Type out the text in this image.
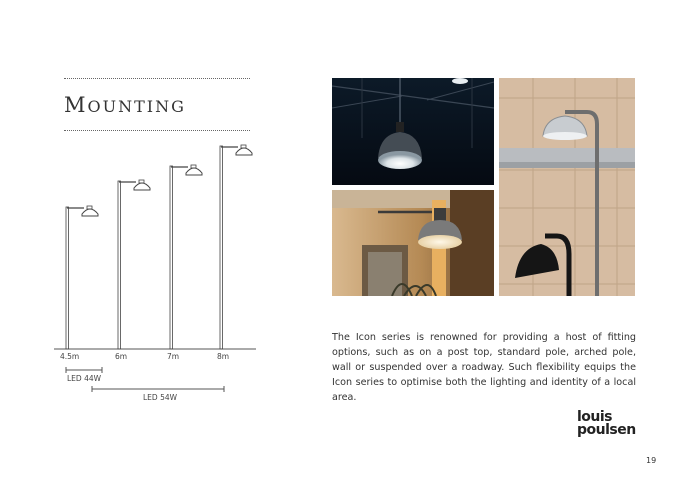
MOUNTING
4.5m	6m	7m	8m
LED 44W
LED 54W

The Icon series is renowned for providing a host of fitting options, such as on a post top, standard pole, arched pole, wall or suspended over a roadway. Such flexibility equips the Icon series to optimise both the lighting and identity of a local area.

louis
poulsen
19
